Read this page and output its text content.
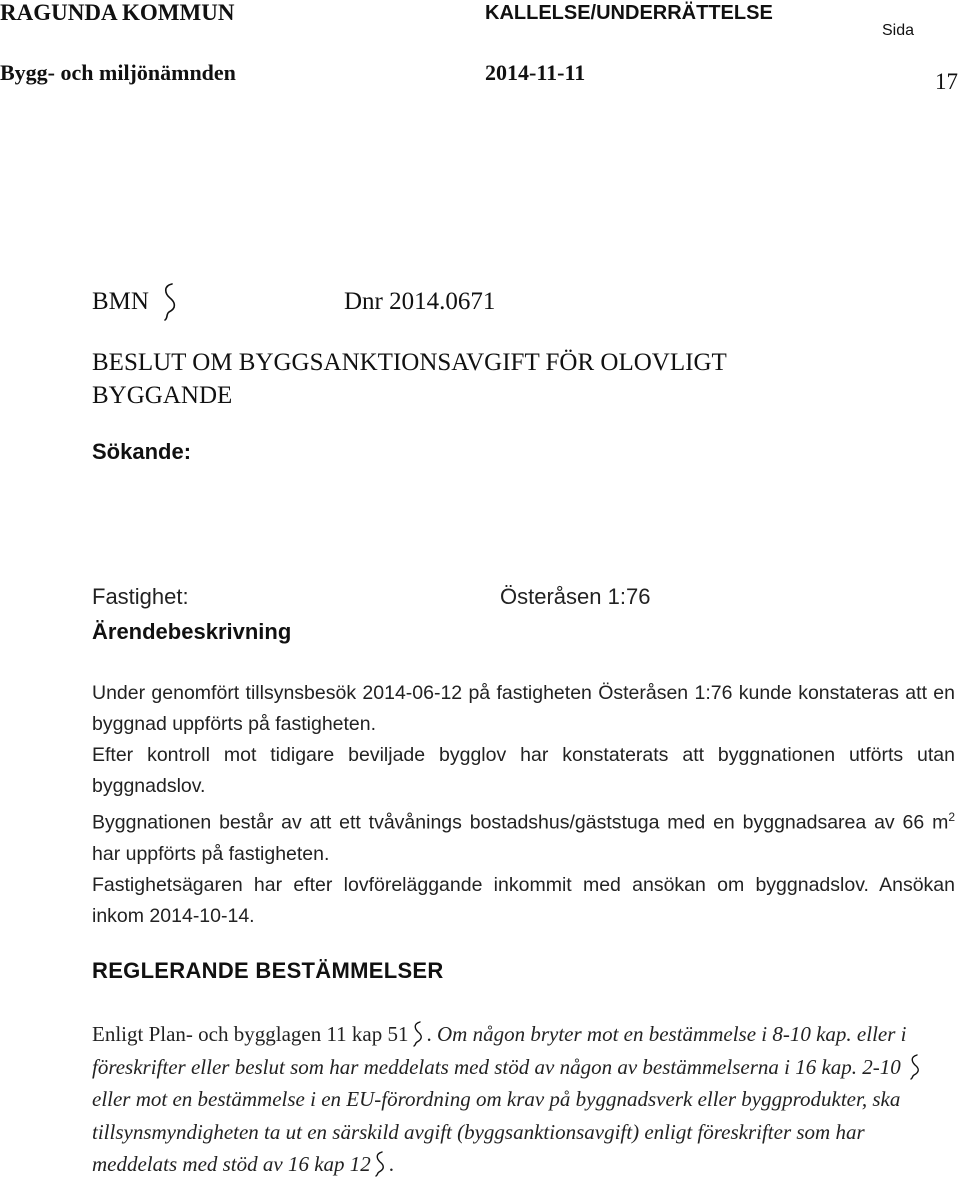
RAGUNDA KOMMUN	KALLELSE/UNDERRÄTTELSE
Sida
Bygg- och miljönämnden	2014-11-11	17
BMN	Dnr 2014.0671
BESLUT OM BYGGSANKTIONSAVGIFT FÖR OLOVLIGT
BYGGANDE
Sökande:
Fastighet:	Österåsen 1:76
Ärendebeskrivning

Under genomfört tillsynsbesök 2014-06-12 på fastigheten Österåsen 1:76 kunde konstateras att en byggnad uppförts på fastigheten.

Efter kontroll mot tidigare beviljade bygglov har konstaterats att byggnationen utförts utan byggnadslov.

Byggnationen består av att ett tvåvånings bostadshus/gäststuga med en byggnadsarea av 66 $m^2$ har uppförts på fastigheten.

Fastighetsägaren har efter lovföreläggande inkommit med ansökan om byggnadslov. Ansökan inkom 2014-10-14.

REGLERANDE BESTÄMMELSER
Enligt Plan- och bygglagen 11 kap 51 . Om någon bryter mot en bestämmelse i 8-10 kap. eller i föreskrifter eller beslut som har meddelats med stöd av någon av bestämmelserna i 16 kap. 2-10  eller mot en bestämmelse i en EU-förordning om krav på byggnadsverk eller byggprodukter, ska tillsynsmyndigheten ta ut en särskild avgift (byggsanktionsavgift) enligt föreskrifter som har meddelats med stöd av 16 kap 12 .
